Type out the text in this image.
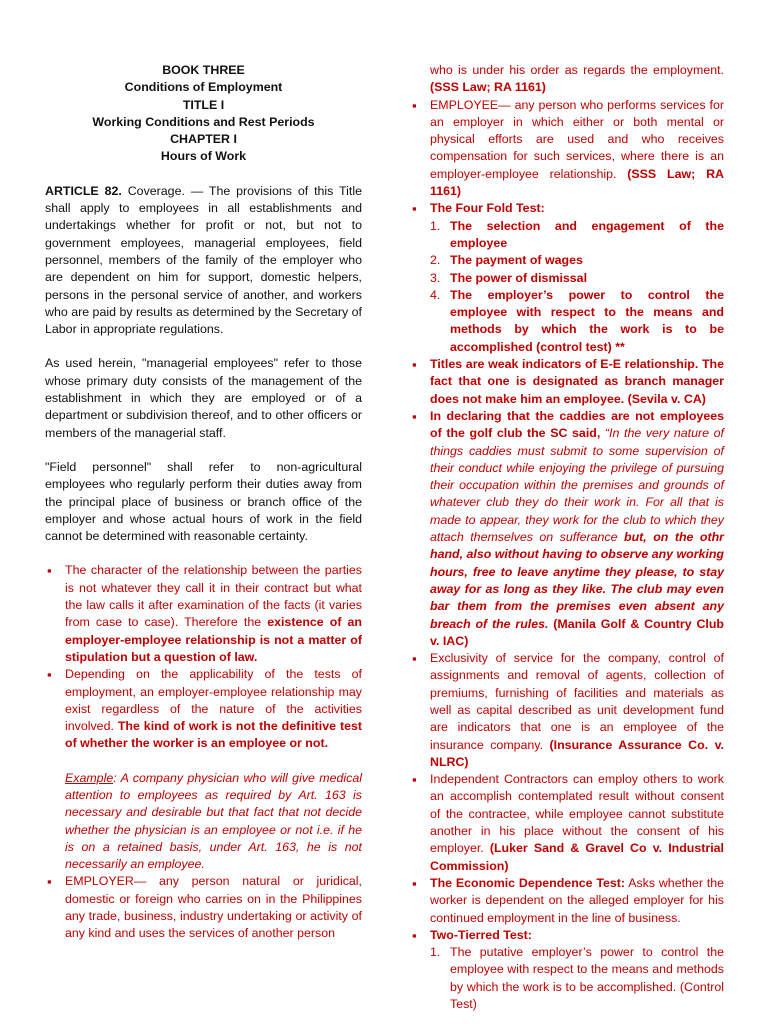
BOOK THREE
Conditions of Employment
TITLE I
Working Conditions and Rest Periods
CHAPTER I
Hours of Work

ARTICLE 82. Coverage. — The provisions of this Title shall apply to employees in all establishments and undertakings whether for profit or not, but not to government employees, managerial employees, field personnel, members of the family of the employer who are dependent on him for support, domestic helpers, persons in the personal service of another, and workers who are paid by results as determined by the Secretary of Labor in appropriate regulations.

As used herein, "managerial employees" refer to those whose primary duty consists of the management of the establishment in which they are employed or of a department or subdivision thereof, and to other officers or members of the managerial staff.

"Field personnel" shall refer to non-agricultural employees who regularly perform their duties away from the principal place of business or branch office of the employer and whose actual hours of work in the field cannot be determined with reasonable certainty.

▪ The character of the relationship between the parties is not whatever they call it in their contract but what the law calls it after examination of the facts (it varies from case to case). Therefore the existence of an employer-employee relationship is not a matter of stipulation but a question of law.
▪ Depending on the applicability of the tests of employment, an employer-employee relationship may exist regardless of the nature of the activities involved. The kind of work is not the definitive test of whether the worker is an employee or not.

Example: A company physician who will give medical attention to employees as required by Art. 163 is necessary and desirable but that fact that not decide whether the physician is an employee or not i.e. if he is on a retained basis, under Art. 163, he is not necessarily an employee.

▪ EMPLOYER— any person natural or juridical, domestic or foreign who carries on in the Philippines any trade, business, industry undertaking or activity of any kind and uses the services of another person

who is under his order as regards the employment. (SSS Law; RA 1161)

▪ EMPLOYEE— any person who performs services for an employer in which either or both mental or physical efforts are used and who receives compensation for such services, where there is an employer-employee relationship. (SSS Law; RA 1161)
▪ The Four Fold Test:
1. The selection and engagement of the employee
2. The payment of wages
3. The power of dismissal
4. The employer’s power to control the employee with respect to the means and methods by which the work is to be accomplished (control test) **
▪ Titles are weak indicators of E-E relationship. The fact that one is designated as branch manager does not make him an employee. (Sevila v. CA)
▪ In declaring that the caddies are not employees of the golf club the SC said, “In the very nature of things caddies must submit to some supervision of their conduct while enjoying the privilege of pursuing their occupation within the premises and grounds of whatever club they do their work in. For all that is made to appear, they work for the club to which they attach themselves on sufferance but, on the othr hand, also without having to observe any working hours, free to leave anytime they please, to stay away for as long as they like. The club may even bar them from the premises even absent any breach of the rules. (Manila Golf & Country Club v. IAC)
▪ Exclusivity of service for the company, control of assignments and removal of agents, collection of premiums, furnishing of facilities and materials as well as capital described as unit development fund are indicators that one is an employee of the insurance company. (Insurance Assurance Co. v. NLRC)
▪ Independent Contractors can employ others to work an accomplish contemplated result without consent of the contractee, while employee cannot substitute another in his place without the consent of his employer. (Luker Sand & Gravel Co v. Industrial Commission)
▪ The Economic Dependence Test: Asks whether the worker is dependent on the alleged employer for his continued employment in the line of business.
▪ Two-Tierred Test:
1. The putative employer’s power to control the employee with respect to the means and methods by which the work is to be accomplished. (Control Test)
